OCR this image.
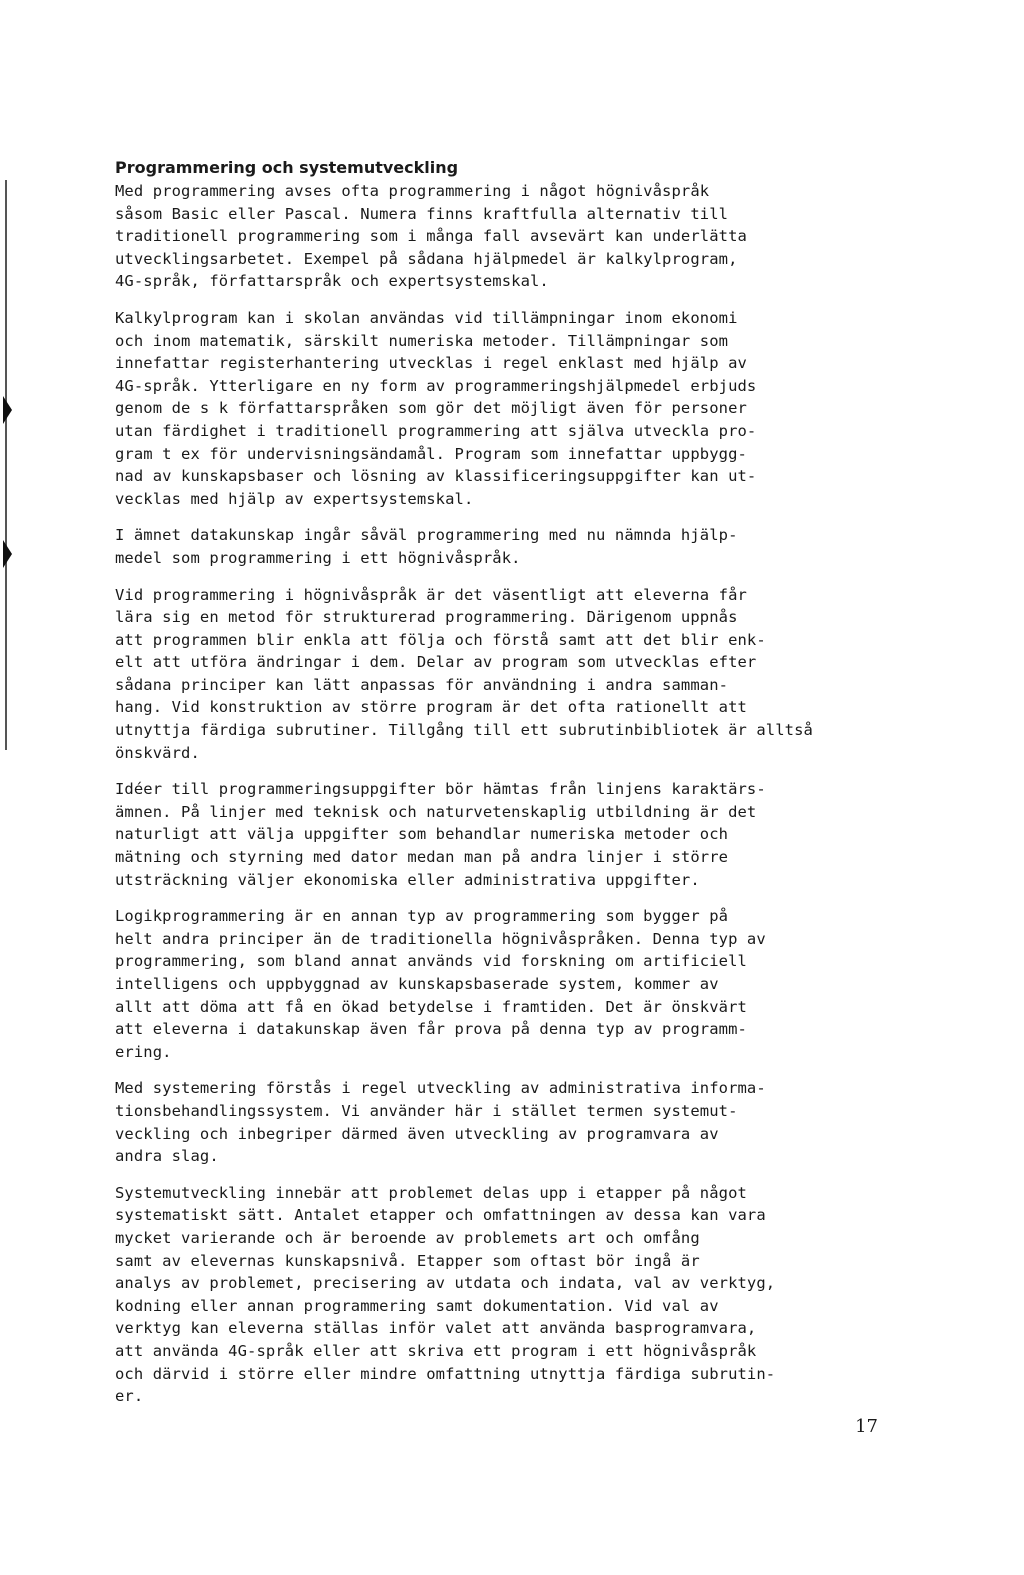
Programmering och systemutveckling
Med programmering avses ofta programmering i något högnivåspråk
såsom Basic eller Pascal. Numera finns kraftfulla alternativ till
traditionell programmering som i många fall avsevärt kan underlätta
utvecklingsarbetet. Exempel på sådana hjälpmedel är kalkylprogram,
4G-språk, författarspråk och expertsystemskal.
Kalkylprogram kan i skolan användas vid tillämpningar inom ekonomi
och inom matematik, särskilt numeriska metoder. Tillämpningar som
innefattar registerhantering utvecklas i regel enklast med hjälp av
4G-språk. Ytterligare en ny form av programmeringshjälpmedel erbjuds
genom de s k författarspråken som gör det möjligt även för personer
utan färdighet i traditionell programmering att själva utveckla pro-
gram t ex för undervisningsändamål. Program som innefattar uppbygg-
nad av kunskapsbaser och lösning av klassificeringsuppgifter kan ut-
vecklas med hjälp av expertsystemskal.
I ämnet datakunskap ingår såväl programmering med nu nämnda hjälp-
medel som programmering i ett högnivåspråk.
Vid programmering i högnivåspråk är det väsentligt att eleverna får
lära sig en metod för strukturerad programmering. Därigenom uppnås
att programmen blir enkla att följa och förstå samt att det blir enk-
elt att utföra ändringar i dem. Delar av program som utvecklas efter
sådana principer kan lätt anpassas för användning i andra samman-
hang. Vid konstruktion av större program är det ofta rationellt att
utnyttja färdiga subrutiner. Tillgång till ett subrutinbibliotek är alltså
önskvärd.
Idéer till programmeringsuppgifter bör hämtas från linjens karaktärs-
ämnen. På linjer med teknisk och naturvetenskaplig utbildning är det
naturligt att välja uppgifter som behandlar numeriska metoder och
mätning och styrning med dator medan man på andra linjer i större
utsträckning väljer ekonomiska eller administrativa uppgifter.
Logikprogrammering är en annan typ av programmering som bygger på
helt andra principer än de traditionella högnivåspråken. Denna typ av
programmering, som bland annat används vid forskning om artificiell
intelligens och uppbyggnad av kunskapsbaserade system, kommer av
allt att döma att få en ökad betydelse i framtiden. Det är önskvärt
att eleverna i datakunskap även får prova på denna typ av programm-
ering.
Med systemering förstås i regel utveckling av administrativa informa-
tionsbehandlingssystem. Vi använder här i stället termen systemut-
veckling och inbegriper därmed även utveckling av programvara av
andra slag.
Systemutveckling innebär att problemet delas upp i etapper på något
systematiskt sätt. Antalet etapper och omfattningen av dessa kan vara
mycket varierande och är beroende av problemets art och omfång
samt av elevernas kunskapsnivå. Etapper som oftast bör ingå är
analys av problemet, precisering av utdata och indata, val av verktyg,
kodning eller annan programmering samt dokumentation. Vid val av
verktyg kan eleverna ställas inför valet att använda basprogramvara,
att använda 4G-språk eller att skriva ett program i ett högnivåspråk
och därvid i större eller mindre omfattning utnyttja färdiga subrutin-
er.
17
